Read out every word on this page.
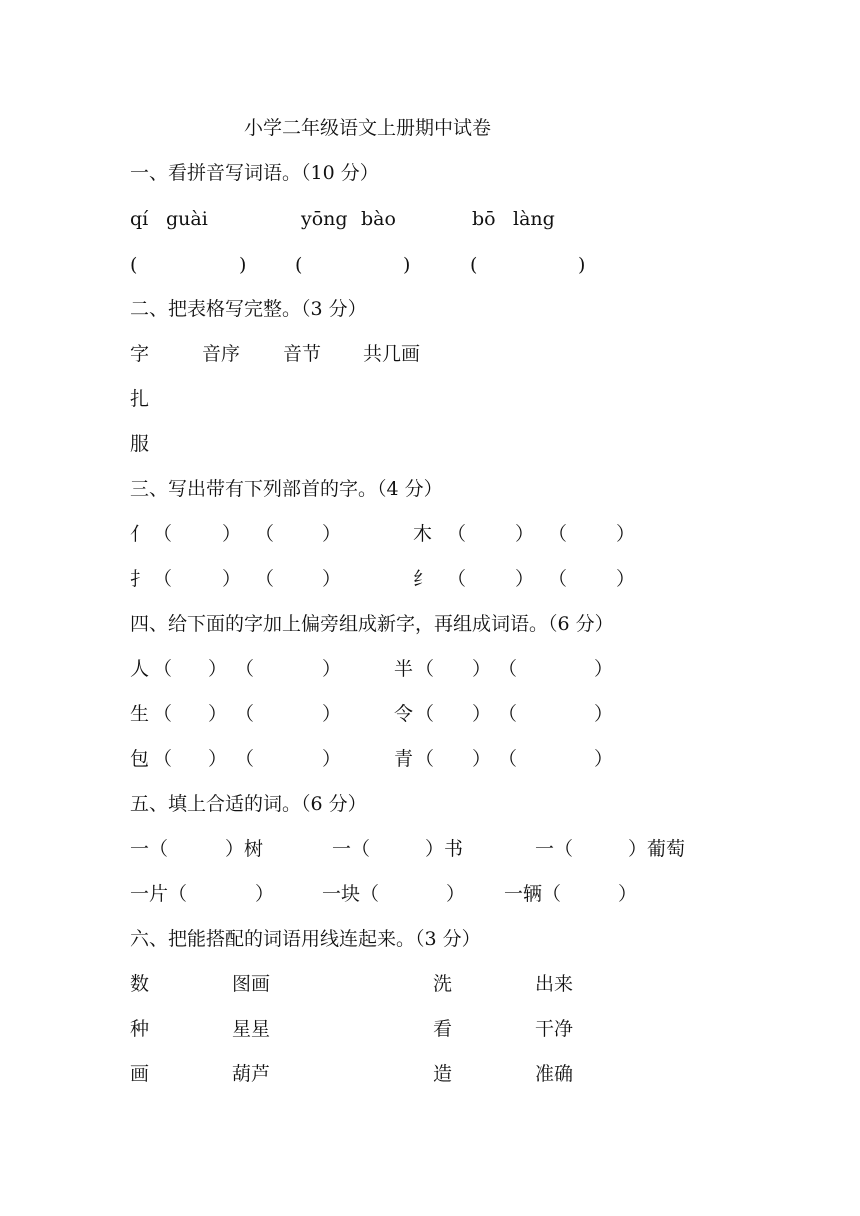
小学二年级语文上册期中试卷
一、看拼音写词语。（10 分）
qí guài	yōng bào	bō làng
(	)	(	)	(	)
二、把表格写完整。（3 分）
字	音序 音节 共几画
扎
服
三、写出带有下列部首的字。（4 分）
亻 （	） （	）	木 （	） （	）
扌 （	） （	）	纟 （	） （	）
四、给下面的字加上偏旁组成新字，再组成词语。（6 分）
人 （ ） （	）	半 （ ） （	）
生 （ ） （	）	令 （ ） （	）
包 （ ） （	）	青 （ ） （	）
五、填上合适的词。（6 分）
一（	）树	一（	）书	一（	）葡萄
一片（	）	一块（	） 一辆（	）
六、把能搭配的词语用线连起来。（3 分）
数	图画	洗	出来
种	星星	看	干净
画	葫芦	造	准确
